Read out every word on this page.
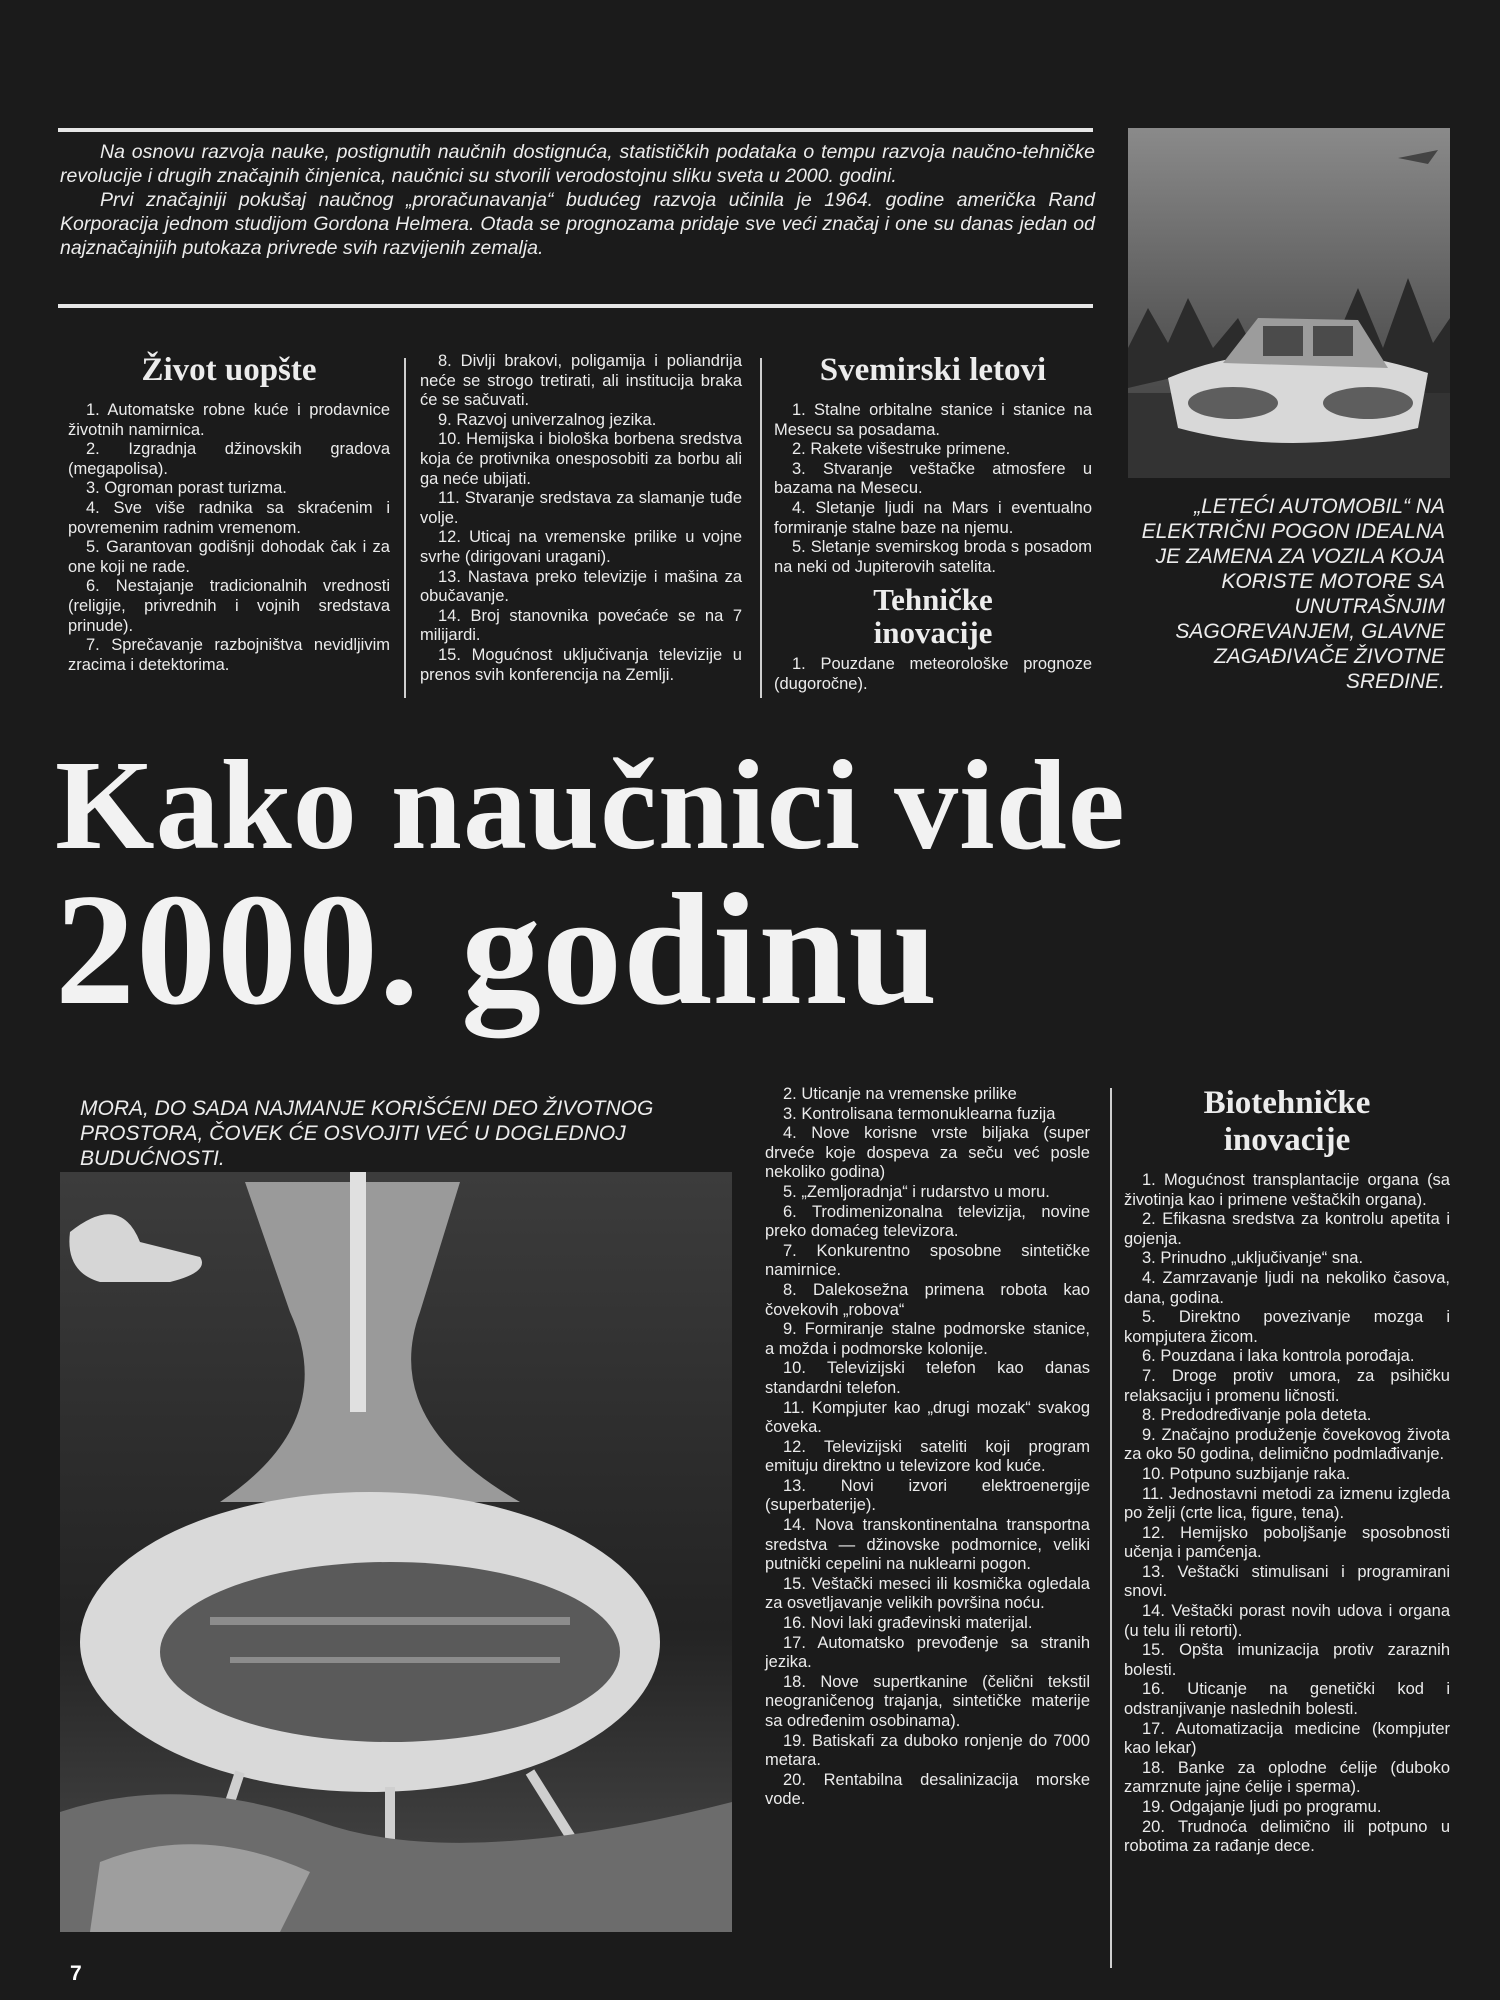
Na osnovu razvoja nauke, postignutih naučnih dostignuća, statističkih podataka o tempu razvoja naučno-tehničke revolucije i drugih značajnih činjenica, naučnici su stvorili verodostojnu sliku sveta u 2000. godini.

Prvi značajniji pokušaj naučnog „proračunavanja“ budućeg razvoja učinila je 1964. godine američka Rand Korporacija jednom studijom Gordona Helmera. Otada se prognozama pridaje sve veći značaj i one su danas jedan od najznačajnijih putokaza privrede svih razvijenih zemalja.

„LETEĆI AUTOMOBIL“ NA ELEKTRIČNI POGON IDEALNA JE ZAMENA ZA VOZILA KOJA KORISTE MOTORE SA UNUTRAŠNJIM SAGOREVANJEM, GLAVNE ZAGAĐIVAČE ŽIVOTNE SREDINE.
Život uopšte

1. Automatske robne kuće i prodavnice životnih namirnica.

2. Izgradnja džinovskih gradova (megapolisa).

3. Ogroman porast turizma.

4. Sve više radnika sa skraćenim i povremenim radnim vremenom.

5. Garantovan godišnji dohodak čak i za one koji ne rade.

6. Nestajanje tradicionalnih vrednosti (religije, privrednih i vojnih sredstava prinude).

7. Sprečavanje razbojništva nevidljivim zracima i detektorima.

8. Divlji brakovi, poligamija i poliandrija neće se strogo tretirati, ali institucija braka će se sačuvati.

9. Razvoj univerzalnog jezika.

10. Hemijska i biološka borbena sredstva koja će protivnika onesposobiti za borbu ali ga neće ubijati.

11. Stvaranje sredstava za slamanje tuđe volje.

12. Uticaj na vremenske prilike u vojne svrhe (dirigovani uragani).

13. Nastava preko televizije i mašina za obučavanje.

14. Broj stanovnika povećaće se na 7 milijardi.

15. Mogućnost uključivanja televizije u prenos svih konferencija na Zemlji.

Svemirski letovi

1. Stalne orbitalne stanice i stanice na Mesecu sa posadama.

2. Rakete višestruke primene.

3. Stvaranje veštačke atmosfere u bazama na Mesecu.

4. Sletanje ljudi na Mars i eventualno formiranje stalne baze na njemu.

5. Sletanje svemirskog broda s posadom na neki od Jupiterovih satelita.

Tehničke inovacije

1. Pouzdane meteorološke prognoze (dugoročne).

Kako naučnici vide
2000. godinu
MORA, DO SADA NAJMANJE KORIŠĆENI DEO ŽIVOTNOG PROSTORA, ČOVEK ĆE OSVOJITI VEĆ U DOGLEDNOJ BUDUĆNOSTI.

2. Uticanje na vremenske prilike

3. Kontrolisana termonuklearna fuzija

4. Nove korisne vrste biljaka (super drveće koje dospeva za seču već posle nekoliko godina)

5. „Zemljoradnja“ i rudarstvo u moru.

6. Trodimenizonalna televizija, novine preko domaćeg televizora.

7. Konkurentno sposobne sintetičke namirnice.

8. Dalekosežna primena robota kao čovekovih „robova“

9. Formiranje stalne podmorske stanice, a možda i podmorske kolonije.

10. Televizijski telefon kao danas standardni telefon.

11. Kompjuter kao „drugi mozak“ svakog čoveka.

12. Televizijski sateliti koji program emituju direktno u televizore kod kuće.

13. Novi izvori elektroenergije (superbaterije).

14. Nova transkontinentalna transportna sredstva — džinovske podmornice, veliki putnički cepelini na nuklearni pogon.

15. Veštački meseci ili kosmička ogledala za osvetljavanje velikih površina noću.

16. Novi laki građevinski materijal.

17. Automatsko prevođenje sa stranih jezika.

18. Nove supertkanine (čelični tekstil neograničenog trajanja, sintetičke materije sa određenim osobinama).

19. Batiskafi za duboko ronjenje do 7000 metara.

20. Rentabilna desalinizacija morske vode.

Biotehničke inovacije

1. Mogućnost transplantacije organa (sa životinja kao i primene veštačkih organa).

2. Efikasna sredstva za kontrolu apetita i gojenja.

3. Prinudno „uključivanje“ sna.

4. Zamrzavanje ljudi na nekoliko časova, dana, godina.

5. Direktno povezivanje mozga i kompjutera žicom.

6. Pouzdana i laka kontrola porođaja.

7. Droge protiv umora, za psihičku relaksaciju i promenu ličnosti.

8. Predodređivanje pola deteta.

9. Značajno produženje čovekovog života za oko 50 godina, delimično podmlađivanje.

10. Potpuno suzbijanje raka.

11. Jednostavni metodi za izmenu izgleda po želji (crte lica, figure, tena).

12. Hemijsko poboljšanje sposobnosti učenja i pamćenja.

13. Veštački stimulisani i programirani snovi.

14. Veštački porast novih udova i organa (u telu ili retorti).

15. Opšta imunizacija protiv zaraznih bolesti.

16. Uticanje na genetički kod i odstranjivanje naslednih bolesti.

17. Automatizacija medicine (kompjuter kao lekar)

18. Banke za oplodne ćelije (duboko zamrznute jajne ćelije i sperma).

19. Odgajanje ljudi po programu.

20. Trudnoća delimično ili potpuno u robotima za rađanje dece.

7
